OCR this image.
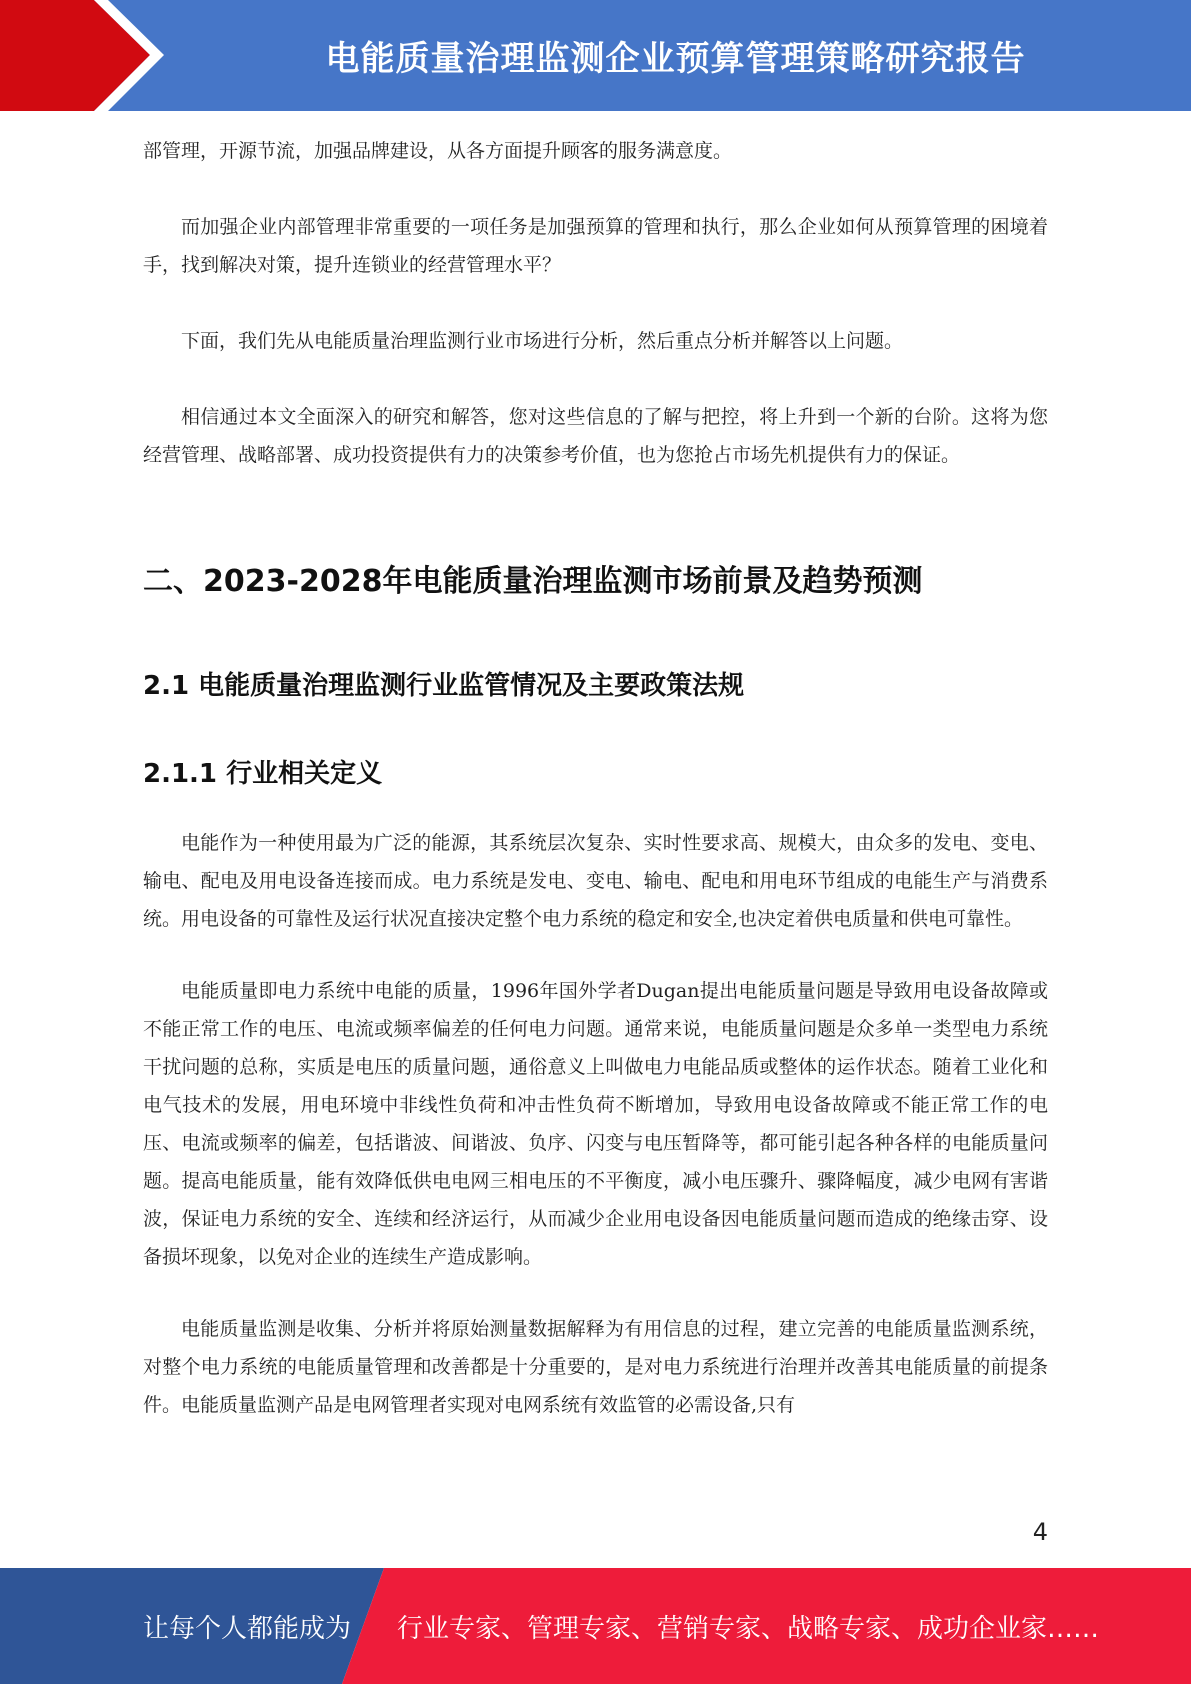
电能质量治理监测企业预算管理策略研究报告

部管理，开源节流，加强品牌建设，从各方面提升顾客的服务满意度。

而加强企业内部管理非常重要的一项任务是加强预算的管理和执行，那么企业如何从预算管理的困境着手，找到解决对策，提升连锁业的经营管理水平？

下面，我们先从电能质量治理监测行业市场进行分析，然后重点分析并解答以上问题。

相信通过本文全面深入的研究和解答，您对这些信息的了解与把控，将上升到一个新的台阶。这将为您经营管理、战略部署、成功投资提供有力的决策参考价值，也为您抢占市场先机提供有力的保证。

二、2023-2028年电能质量治理监测市场前景及趋势预测
2.1 电能质量治理监测行业监管情况及主要政策法规
2.1.1 行业相关定义

电能作为一种使用最为广泛的能源，其系统层次复杂、实时性要求高、规模大，由众多的发电、变电、输电、配电及用电设备连接而成。电力系统是发电、变电、输电、配电和用电环节组成的电能生产与消费系统。用电设备的可靠性及运行状况直接决定整个电力系统的稳定和安全,也决定着供电质量和供电可靠性。

电能质量即电力系统中电能的质量，1996年国外学者Dugan提出电能质量问题是导致用电设备故障或不能正常工作的电压、电流或频率偏差的任何电力问题。通常来说，电能质量问题是众多单一类型电力系统干扰问题的总称，实质是电压的质量问题，通俗意义上叫做电力电能品质或整体的运作状态。随着工业化和电气技术的发展，用电环境中非线性负荷和冲击性负荷不断增加，导致用电设备故障或不能正常工作的电压、电流或频率的偏差，包括谐波、间谐波、负序、闪变与电压暂降等，都可能引起各种各样的电能质量问题。提高电能质量，能有效降低供电电网三相电压的不平衡度，减小电压骤升、骤降幅度，减少电网有害谐波，保证电力系统的安全、连续和经济运行，从而减少企业用电设备因电能质量问题而造成的绝缘击穿、设备损坏现象，以免对企业的连续生产造成影响。

电能质量监测是收集、分析并将原始测量数据解释为有用信息的过程，建立完善的电能质量监测系统，对整个电力系统的电能质量管理和改善都是十分重要的，是对电力系统进行治理并改善其电能质量的前提条件。电能质量监测产品是电网管理者实现对电网系统有效监管的必需设备,只有

4
让每个人都能成为 行业专家、管理专家、营销专家、战略专家、成功企业家……
